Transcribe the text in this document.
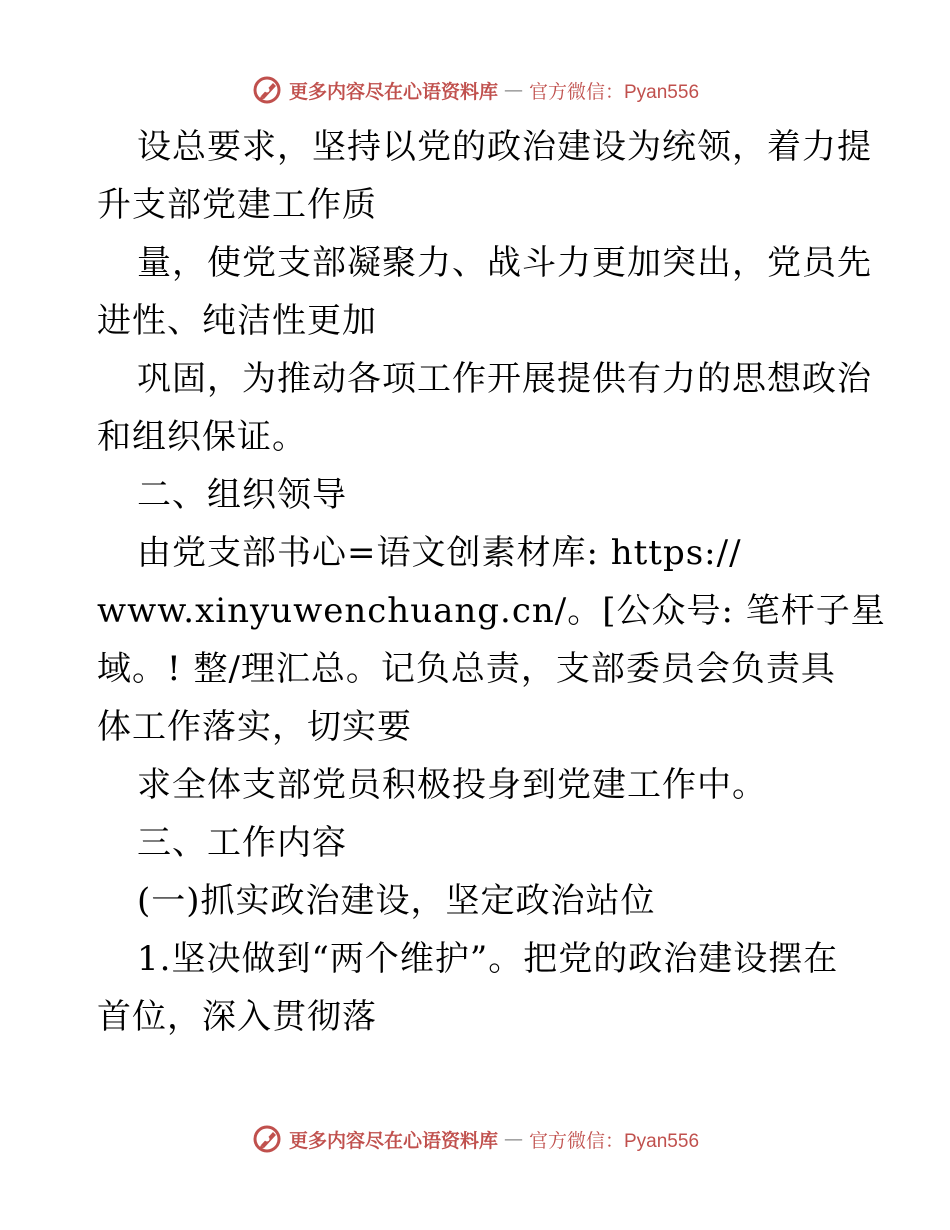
更多内容尽在心语资料库 — 官方微信：Pyan556
设总要求，坚持以党的政治建设为统领，着力提
升支部党建工作质
量，使党支部凝聚力、战斗力更加突出，党员先
进性、纯洁性更加
巩固，为推动各项工作开展提供有力的思想政治
和组织保证。
二、组织领导
由党支部书心=语文创素材库: https://
www.xinyuwenchuang.cn/。[公众号: 笔杆子星
域。! 整/理汇总。记负总责，支部委员会负责具
体工作落实，切实要
求全体支部党员积极投身到党建工作中。
三、工作内容
(一)抓实政治建设，坚定政治站位
1.坚决做到“两个维护”。把党的政治建设摆在
首位，深入贯彻落
更多内容尽在心语资料库 — 官方微信：Pyan556
